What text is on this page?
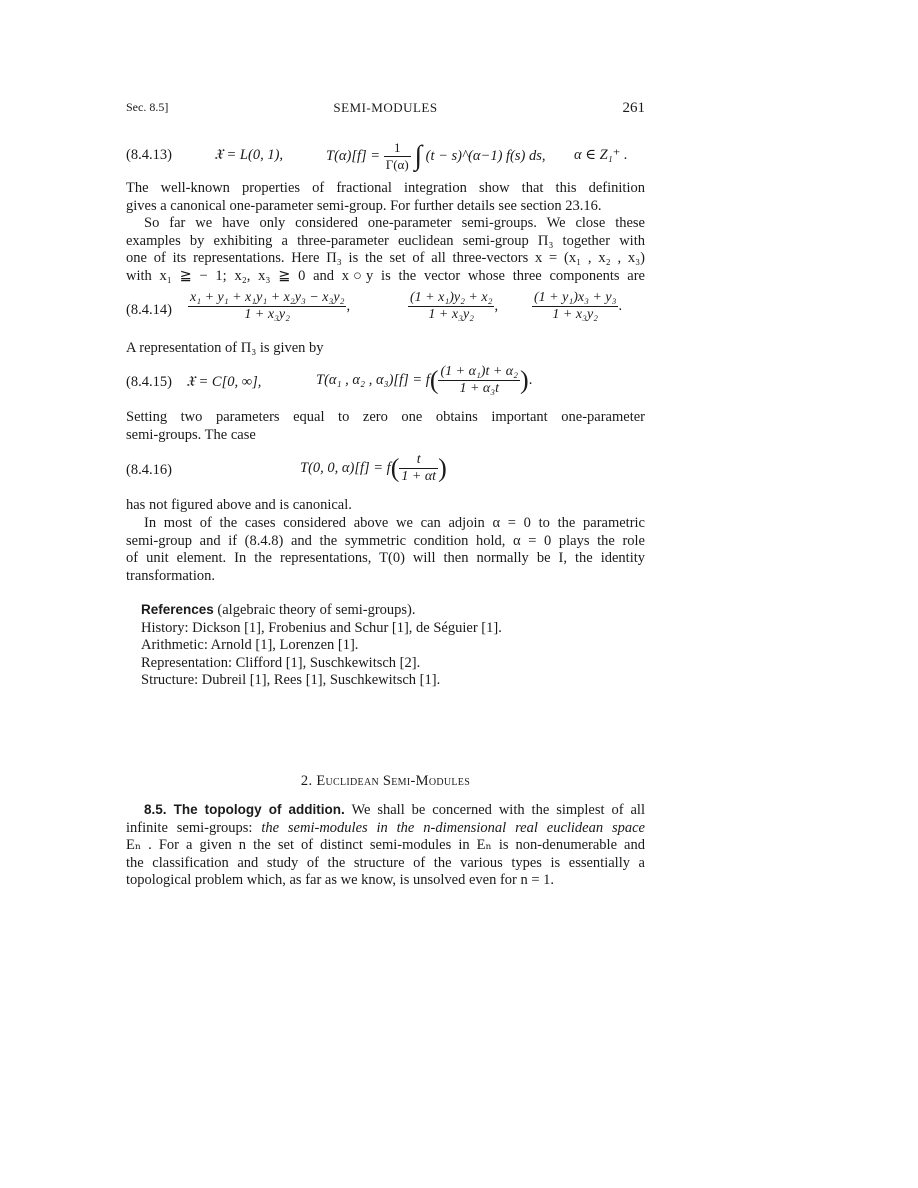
Sec. 8.5]	SEMI-MODULES	261
(8.4.13)	𝔛 = L(0, 1),	$T(\alpha)[f] = \frac{1}{\Gamma(\alpha)}$ ∫ (t − s)^(α−1) f(s) ds, α ∈ Z₁⁺ .
The well-known properties of fractional integration show that this definition
gives a canonical one-parameter semi-group. For further details see section 23.16.
So far we have only considered one-parameter semi-groups. We close these
examples by exhibiting a three-parameter euclidean semi-group Π₃ together with
one of its representations. Here Π₃ is the set of all three-vectors x = (x₁ , x₂ , x₃)
with x₁ ≧ − 1; x₂, x₃ ≧ 0 and x○y is the vector whose three components are
$(8.4.14) \frac{\text{x₁ + y₁ + x₁y₁ + x₂y₃ − x₃y₂}}{\text{1 + x₃y₂}}$ ,	$\frac{\text{(1 + x₁)y₂ + x₂}}{\text{1 + x₃y₂}}$ , $\frac{\text{(1 + y₁)x₃ + y₃}}{\text{1 + x₃y₂}}$ .
A representation of Π₃ is given by
(8.4.15) 𝔛 = C[0, ∞],	T(α₁ , α₂ , $\alpha_3)[f] = f( \frac{\text{(1 + α₁)t + α₂}}{\text{1 + α₃t}}$ ).
Setting two parameters equal to zero one obtains important one-parameter
semi-groups. The case
(8.4.16)	T(0, 0, $\alpha)[f] = f( \frac{t}{1 + \alpha t}$ )
has not figured above and is canonical.
In most of the cases considered above we can adjoin α = 0 to the parametric
semi-group and if (8.4.8) and the symmetric condition hold, α = 0 plays the role
of unit element. In the representations, T(0) will then normally be I, the identity
transformation.
References (algebraic theory of semi-groups).
History: Dickson [1], Frobenius and Schur [1], de Séguier [1].
Arithmetic: Arnold [1], Lorenzen [1].
Representation: Clifford [1], Suschkewitsch [2].
Structure: Dubreil [1], Rees [1], Suschkewitsch [1].
2. Euclidean Semi-Modules
8.5. The topology of addition. We shall be concerned with the simplest of all
infinite semi-groups: the semi-modules in the n-dimensional real euclidean space
Eₙ . For a given n the set of distinct semi-modules in Eₙ is non-denumerable and
the classification and study of the structure of the various types is essentially a
topological problem which, as far as we know, is unsolved even for n = 1.
